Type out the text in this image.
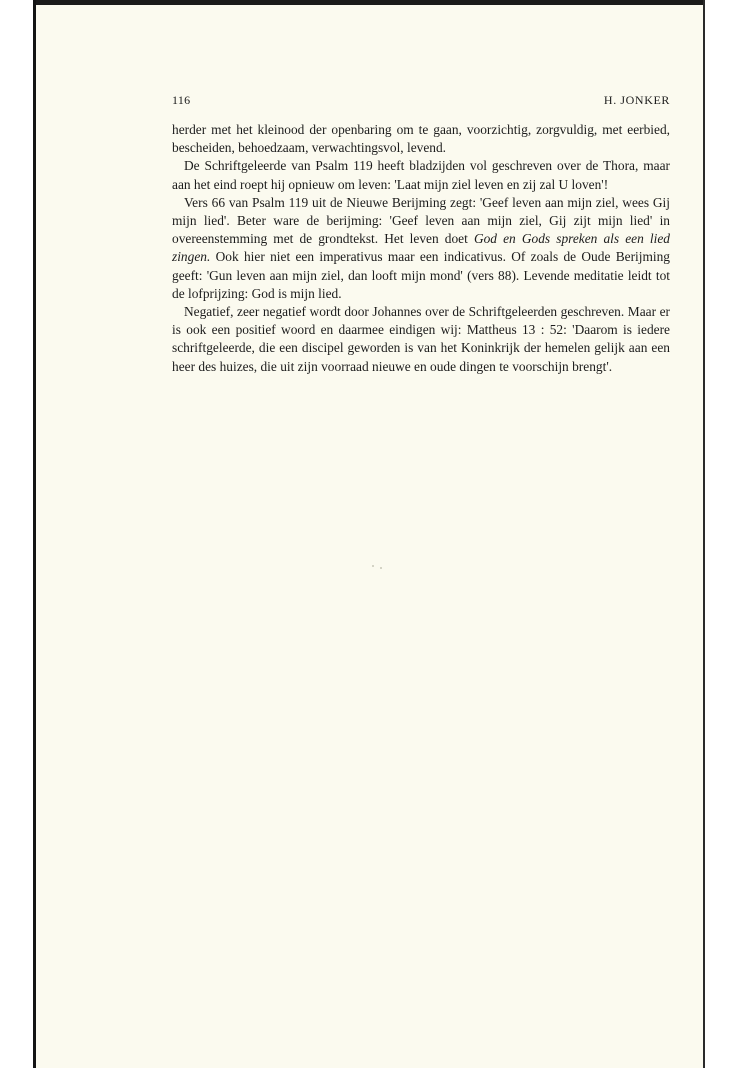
116	H. JONKER

herder met het kleinood der openbaring om te gaan, voorzichtig, zorgvuldig, met eerbied, bescheiden, behoedzaam, verwachtingsvol, levend.

De Schriftgeleerde van Psalm 119 heeft bladzijden vol geschreven over de Thora, maar aan het eind roept hij opnieuw om leven: 'Laat mijn ziel leven en zij zal U loven'!

Vers 66 van Psalm 119 uit de Nieuwe Berijming zegt: 'Geef leven aan mijn ziel, wees Gij mijn lied'. Beter ware de berijming: 'Geef leven aan mijn ziel, Gij zijt mijn lied' in overeenstemming met de grondtekst. Het leven doet God en Gods spreken als een lied zingen. Ook hier niet een imperativus maar een indicativus. Of zoals de Oude Berijming geeft: 'Gun leven aan mijn ziel, dan looft mijn mond' (vers 88). Levende meditatie leidt tot de lofprijzing: God is mijn lied.

Negatief, zeer negatief wordt door Johannes over de Schriftgeleerden geschreven. Maar er is ook een positief woord en daarmee eindigen wij: Mattheus 13 : 52: 'Daarom is iedere schriftgeleerde, die een discipel geworden is van het Koninkrijk der hemelen gelijk aan een heer des huizes, die uit zijn voorraad nieuwe en oude dingen te voorschijn brengt'.
